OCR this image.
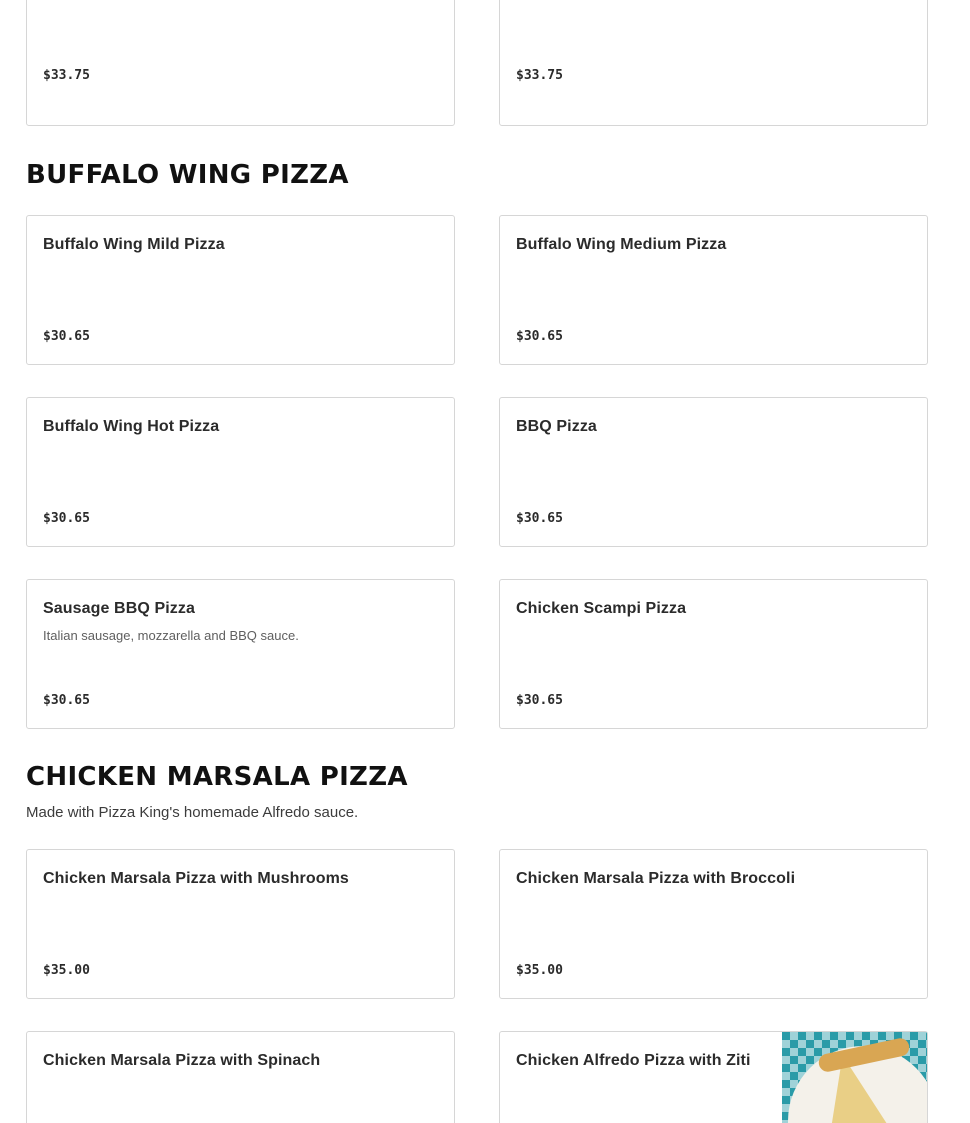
$33.75	$33.75
BUFFALO WING PIZZA
Buffalo Wing Mild Pizza
$30.65
Buffalo Wing Medium Pizza
$30.65
Buffalo Wing Hot Pizza
$30.65
BBQ Pizza
$30.65
Sausage BBQ Pizza
Italian sausage, mozzarella and BBQ sauce.
$30.65
Chicken Scampi Pizza
$30.65
CHICKEN MARSALA PIZZA

Made with Pizza King's homemade Alfredo sauce.

Chicken Marsala Pizza with Mushrooms
$35.00
Chicken Marsala Pizza with Broccoli
$35.00
Chicken Marsala Pizza with Spinach	Chicken Alfredo Pizza with Ziti
